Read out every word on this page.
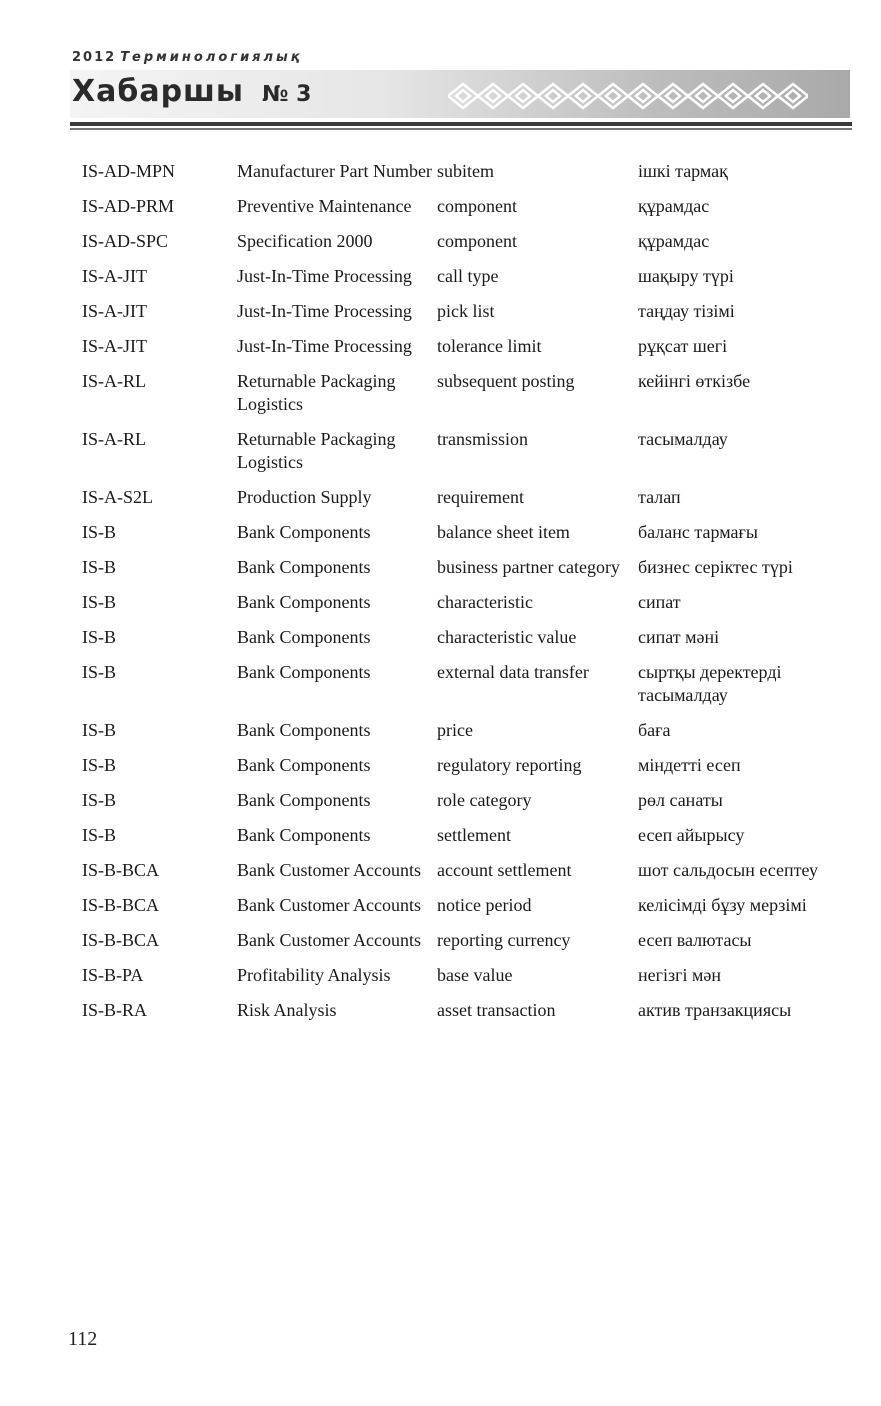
2012 Терминологиялық
Хабаршы № 3
IS-AD-MPN	Manufacturer Part Number	subitem	ішкі тармақ
IS-AD-PRM	Preventive Maintenance	component	құрамдас
IS-AD-SPC	Specification 2000	component	құрамдас
IS-A-JIT	Just-In-Time Processing	call type	шақыру түрі
IS-A-JIT	Just-In-Time Processing	pick list	таңдау тізімі
IS-A-JIT	Just-In-Time Processing	tolerance limit	рұқсат шегі
IS-A-RL	Returnable Packaging Logistics	subsequent posting	кейінгі өткізбе
IS-A-RL	Returnable Packaging Logistics	transmission	тасымалдау
IS-A-S2L	Production Supply	requirement	талап
IS-B	Bank Components	balance sheet item	баланс тармағы
IS-B	Bank Components	business partner category	бизнес серіктес түрі
IS-B	Bank Components	characteristic	сипат
IS-B	Bank Components	characteristic value	сипат мәні
IS-B	Bank Components	external data transfer	сыртқы деректерді тасымалдау
IS-B	Bank Components	price	баға
IS-B	Bank Components	regulatory reporting	міндетті есеп
IS-B	Bank Components	role category	рөл санаты
IS-B	Bank Components	settlement	есеп айырысу
IS-B-BCA	Bank Customer Accounts	account settlement	шот сальдосын есептеу
IS-B-BCA	Bank Customer Accounts	notice period	келісімді бұзу мерзімі
IS-B-BCA	Bank Customer Accounts	reporting currency	есеп валютасы
IS-B-PA	Profitability Analysis	base value	негізгі мән
IS-B-RA	Risk Analysis	asset transaction	актив транзакциясы
112
